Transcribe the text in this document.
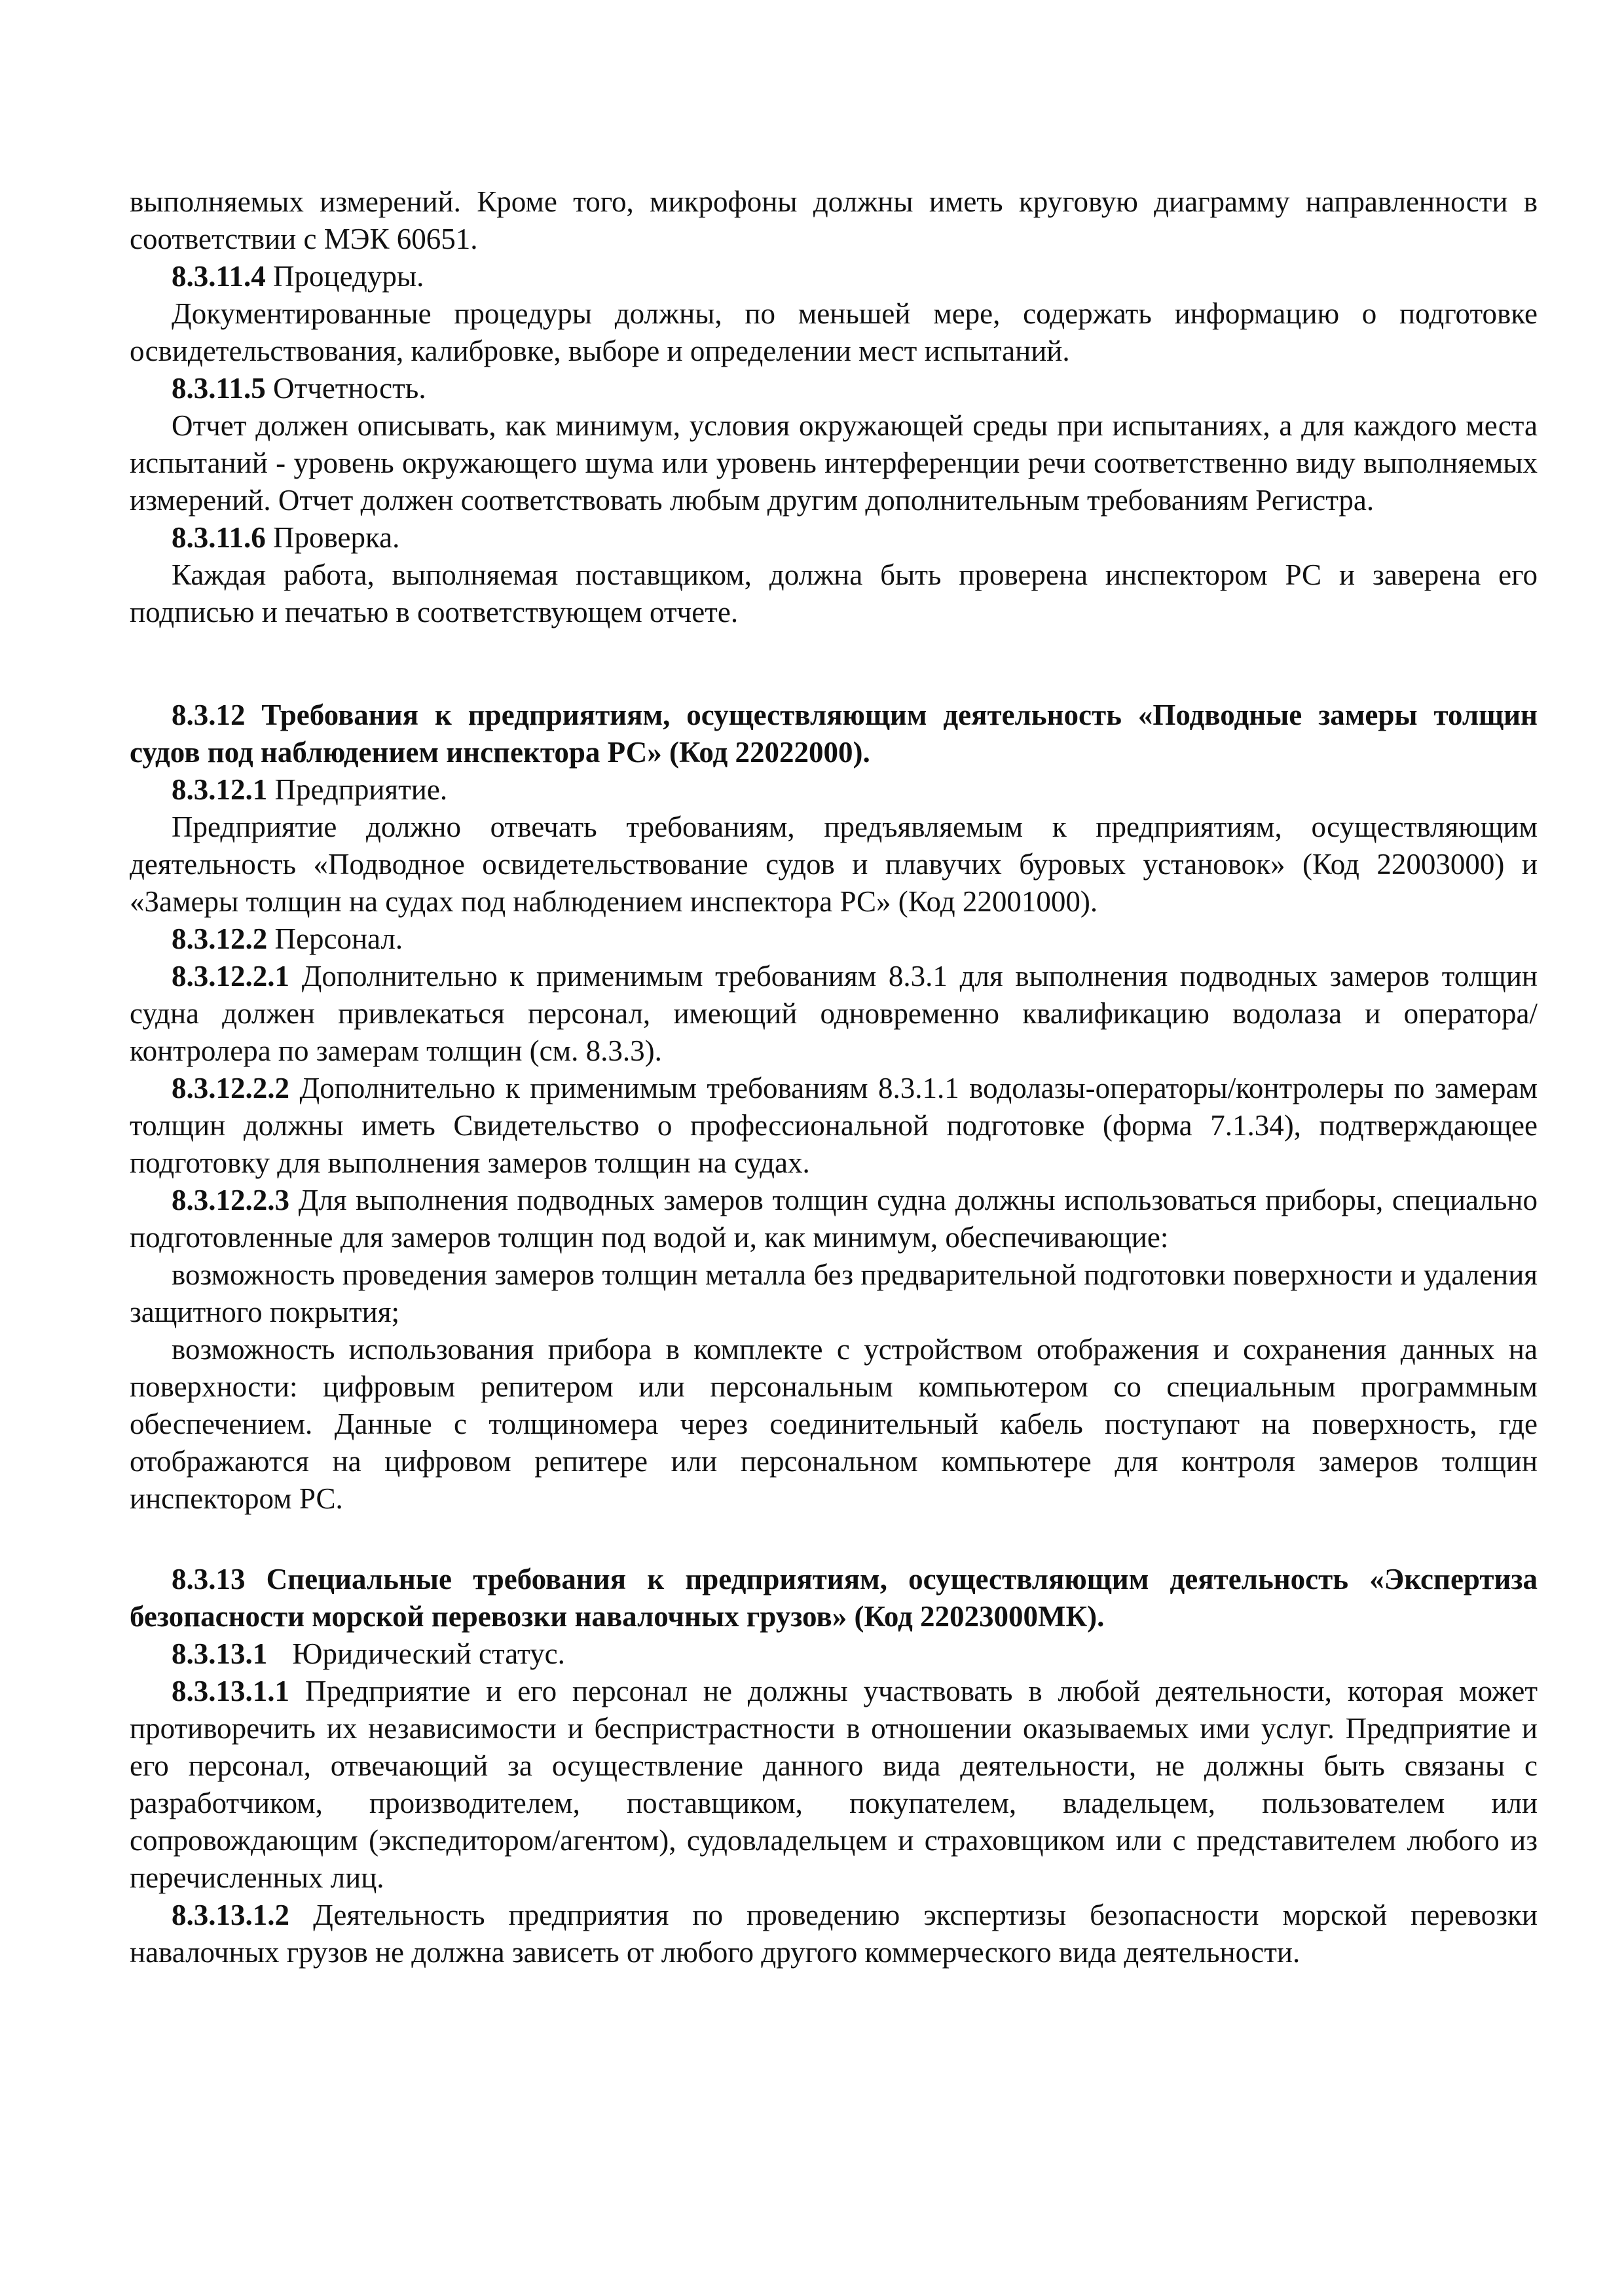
выполняемых измерений. Кроме того, микрофоны должны иметь круговую диаграмму направленности в соответствии с МЭК 60651.

8.3.11.4 Процедуры.

Документированные процедуры должны, по меньшей мере, содержать информацию о подготовке освидетельствования, калибровке, выборе и определении мест испытаний.

8.3.11.5 Отчетность.

Отчет должен описывать, как минимум, условия окружающей среды при испытаниях, а для каждого места испытаний - уровень окружающего шума или уровень интерференции речи соответственно виду выполняемых измерений. Отчет должен соответствовать любым другим дополнительным требованиям Регистра.

8.3.11.6 Проверка.

Каждая работа, выполняемая поставщиком, должна быть проверена инспектором РС и заверена его подписью и печатью в соответствующем отчете.

8.3.12 Требования к предприятиям, осуществляющим деятельность «Подводные замеры толщин судов под наблюдением инспектора РС» (Код 22022000).

8.3.12.1 Предприятие.

Предприятие должно отвечать требованиям, предъявляемым к предприятиям, осуществляющим деятельность «Подводное освидетельствование судов и плавучих буровых установок» (Код 22003000) и «Замеры толщин на судах под наблюдением инспектора РС» (Код 22001000).

8.3.12.2 Персонал.

8.3.12.2.1 Дополнительно к применимым требованиям 8.3.1 для выполнения подводных замеров толщин судна должен привлекаться персонал, имеющий одновременно квалификацию водолаза и оператора/контролера по замерам толщин (см. 8.3.3).

8.3.12.2.2 Дополнительно к применимым требованиям 8.3.1.1 водолазы-операторы/контролеры по замерам толщин должны иметь Свидетельство о профессиональной подготовке (форма 7.1.34), подтверждающее подготовку для выполнения замеров толщин на судах.

8.3.12.2.3 Для выполнения подводных замеров толщин судна должны использоваться приборы, специально подготовленные для замеров толщин под водой и, как минимум, обеспечивающие:

возможность проведения замеров толщин металла без предварительной подготовки поверхности и удаления защитного покрытия;

возможность использования прибора в комплекте с устройством отображения и сохранения данных на поверхности: цифровым репитером или персональным компьютером со специальным программным обеспечением. Данные с толщиномера через соединительный кабель поступают на поверхность, где отображаются на цифровом репитере или персональном компьютере для контроля замеров толщин инспектором РС.

8.3.13 Специальные требования к предприятиям, осуществляющим деятельность «Экспертиза безопасности морской перевозки навалочных грузов» (Код 22023000МК).

8.3.13.1 Юридический статус.

8.3.13.1.1 Предприятие и его персонал не должны участвовать в любой деятельности, которая может противоречить их независимости и беспристрастности в отношении оказываемых ими услуг. Предприятие и его персонал, отвечающий за осуществление данного вида деятельности, не должны быть связаны с разработчиком, производителем, поставщиком, покупателем, владельцем, пользователем или сопровождающим (экспедитором/агентом), судовладельцем и страховщиком или с представителем любого из перечисленных лиц.

8.3.13.1.2 Деятельность предприятия по проведению экспертизы безопасности морской перевозки навалочных грузов не должна зависеть от любого другого коммерческого вида деятельности.
